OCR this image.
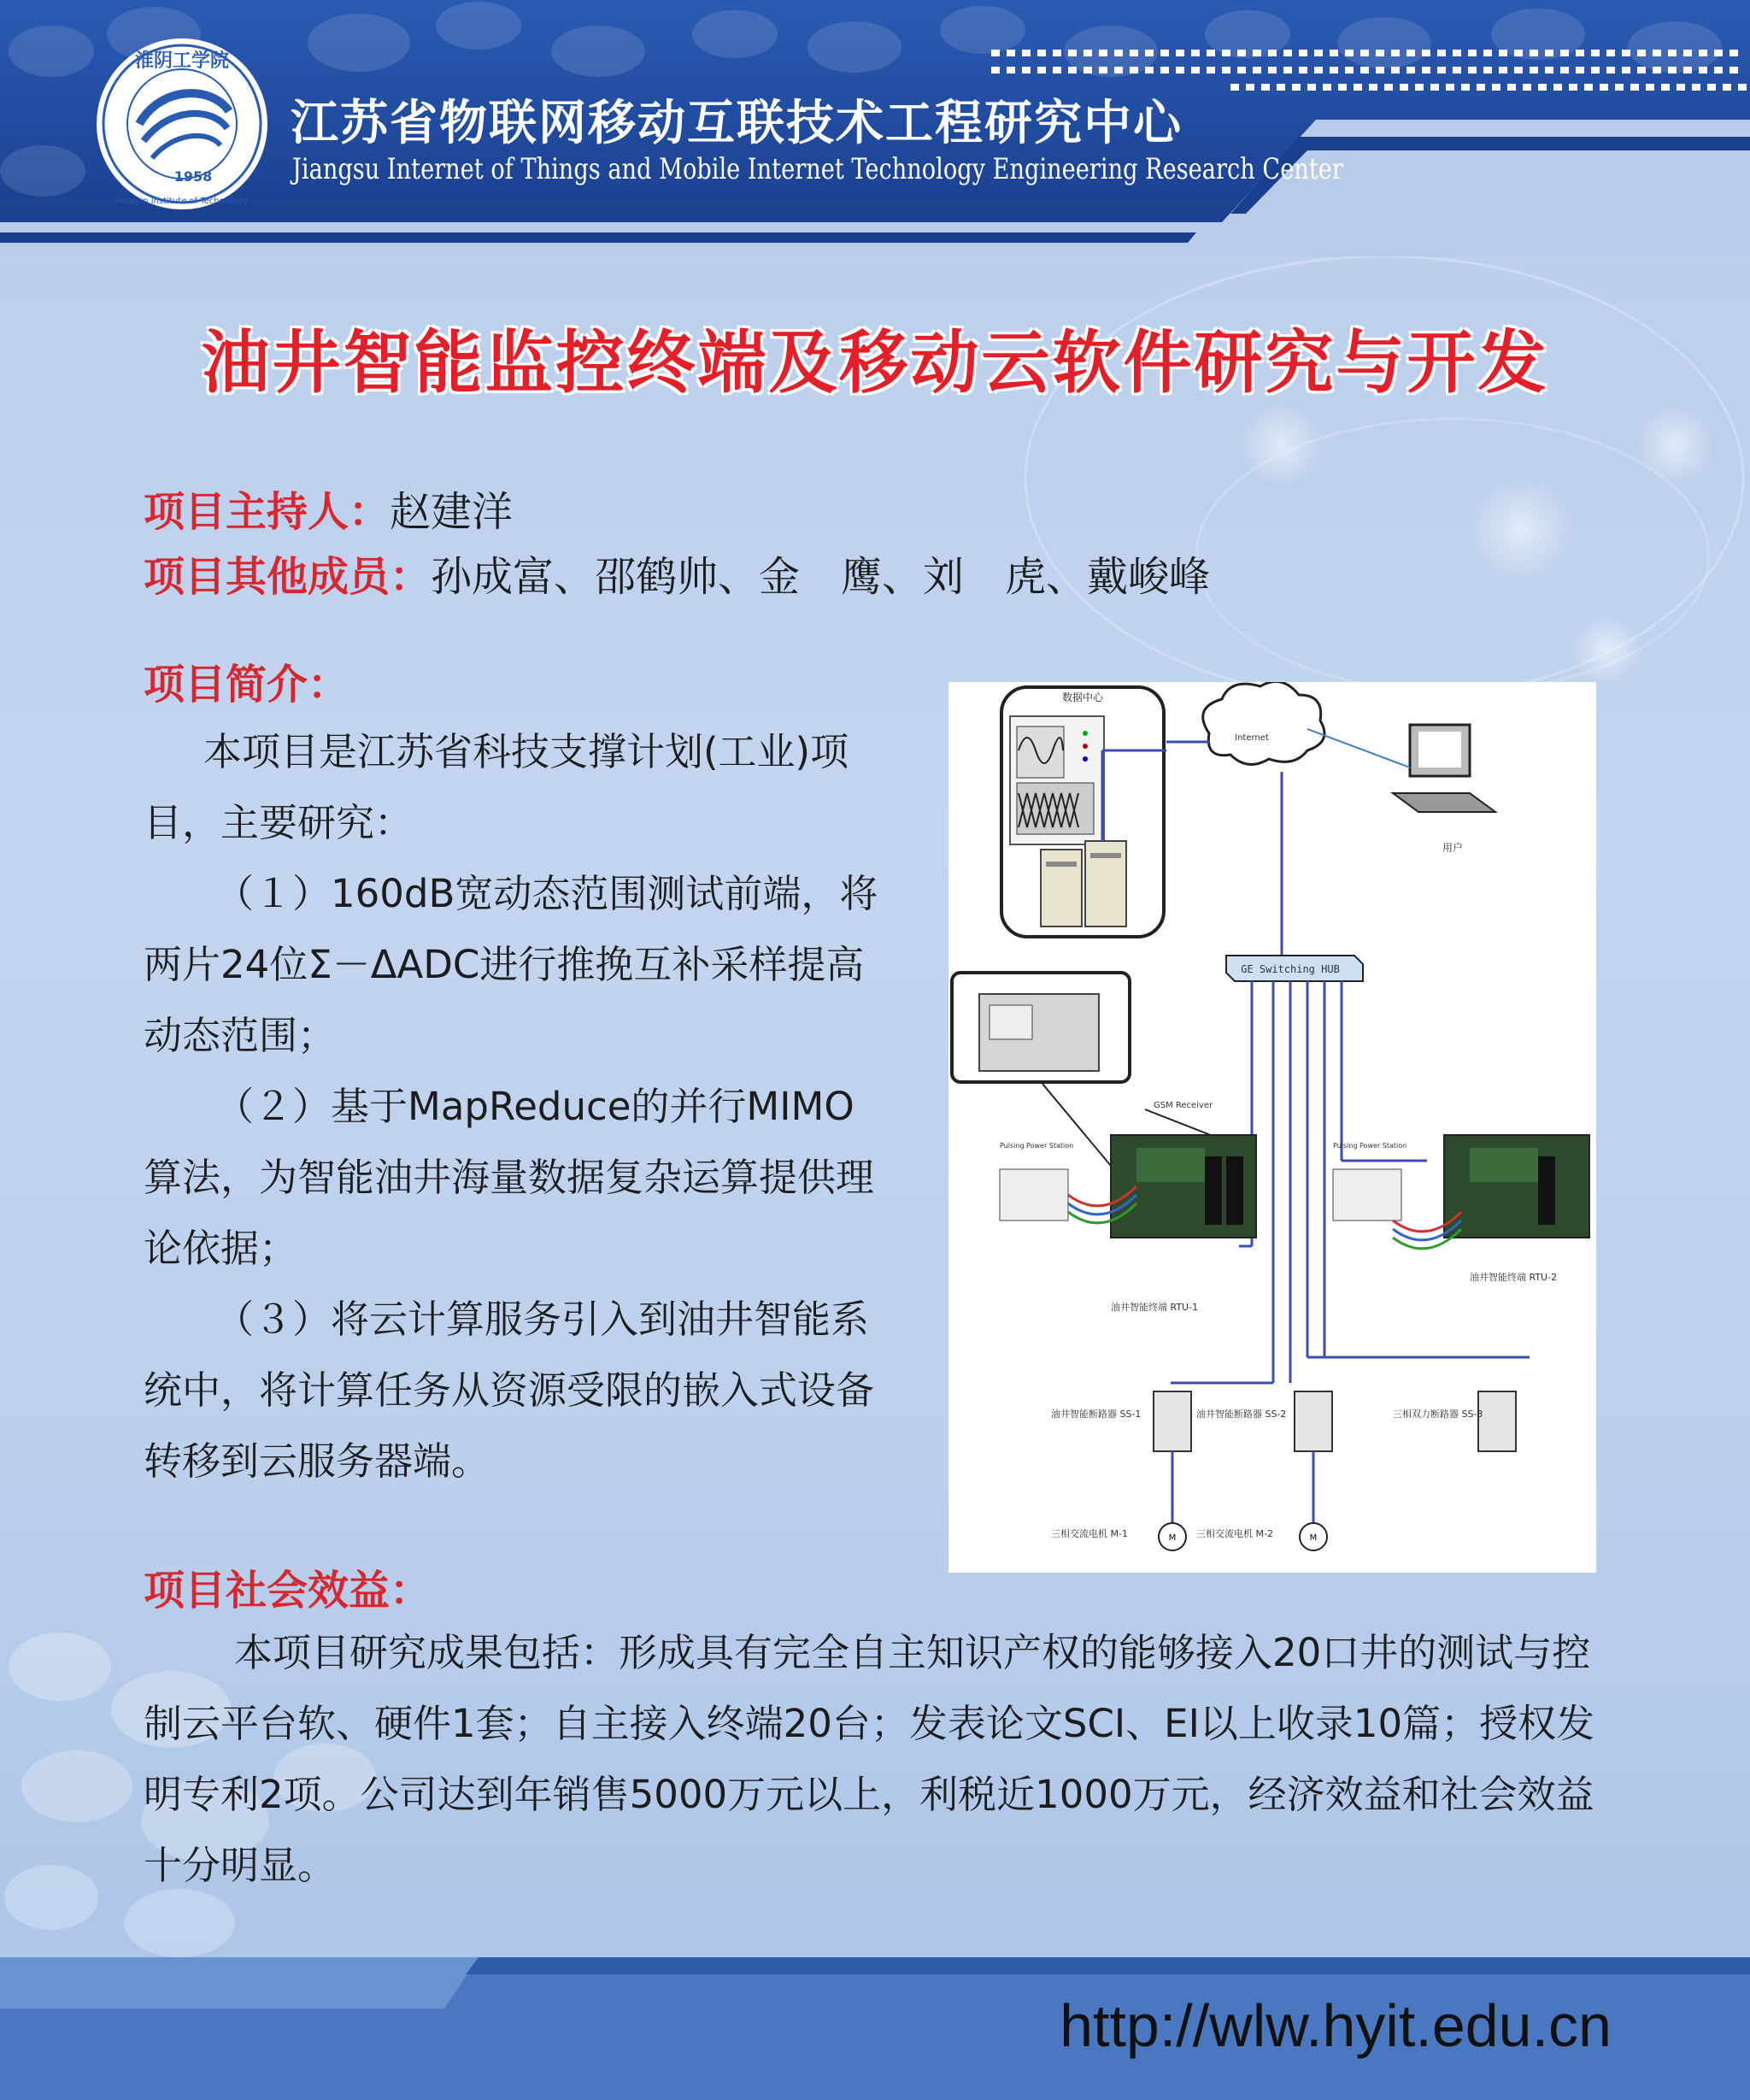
淮阴工学院
1958
Huaiyin Institute of Technology
江苏省物联网移动互联技术工程研究中心
Jiangsu Internet of Things and Mobile Internet Technology Engineering Research Center
油井智能监控终端及移动云软件研究与开发
项目主持人：赵建洋
项目其他成员：孙成富、邵鹤帅、金　鹰、刘　虎、戴峻峰
项目简介：

本项目是江苏省科技支撑计划(工业)项目，主要研究：

（１）160dB宽动态范围测试前端，将两片24位Σ－ΔADC进行推挽互补采样提高动态范围；

（２）基于MapReduce的并行MIMO算法，为智能油井海量数据复杂运算提供理论依据；

（３）将云计算服务引入到油井智能系统中，将计算任务从资源受限的嵌入式设备转移到云服务器端。

数据中心
Internet
用户
GE Switching HUB
GSM Receiver
Pulsing Power Station
油井智能终端 RTU-1
Pulsing Power Station
油井智能终端 RTU-2
油井智能断路器 SS-1	油井智能断路器 SS-2	三相双力断路器 SS-3
M	M
三相交流电机 M-1	三相交流电机 M-2
项目社会效益：
本项目研究成果包括：形成具有完全自主知识产权的能够接入20口井的测试与控制云平台软、硬件1套；自主接入终端20台；发表论文SCI、EI以上收录10篇；授权发明专利2项。公司达到年销售5000万元以上，利税近1000万元，经济效益和社会效益十分明显。
http://wlw.hyit.edu.cn
